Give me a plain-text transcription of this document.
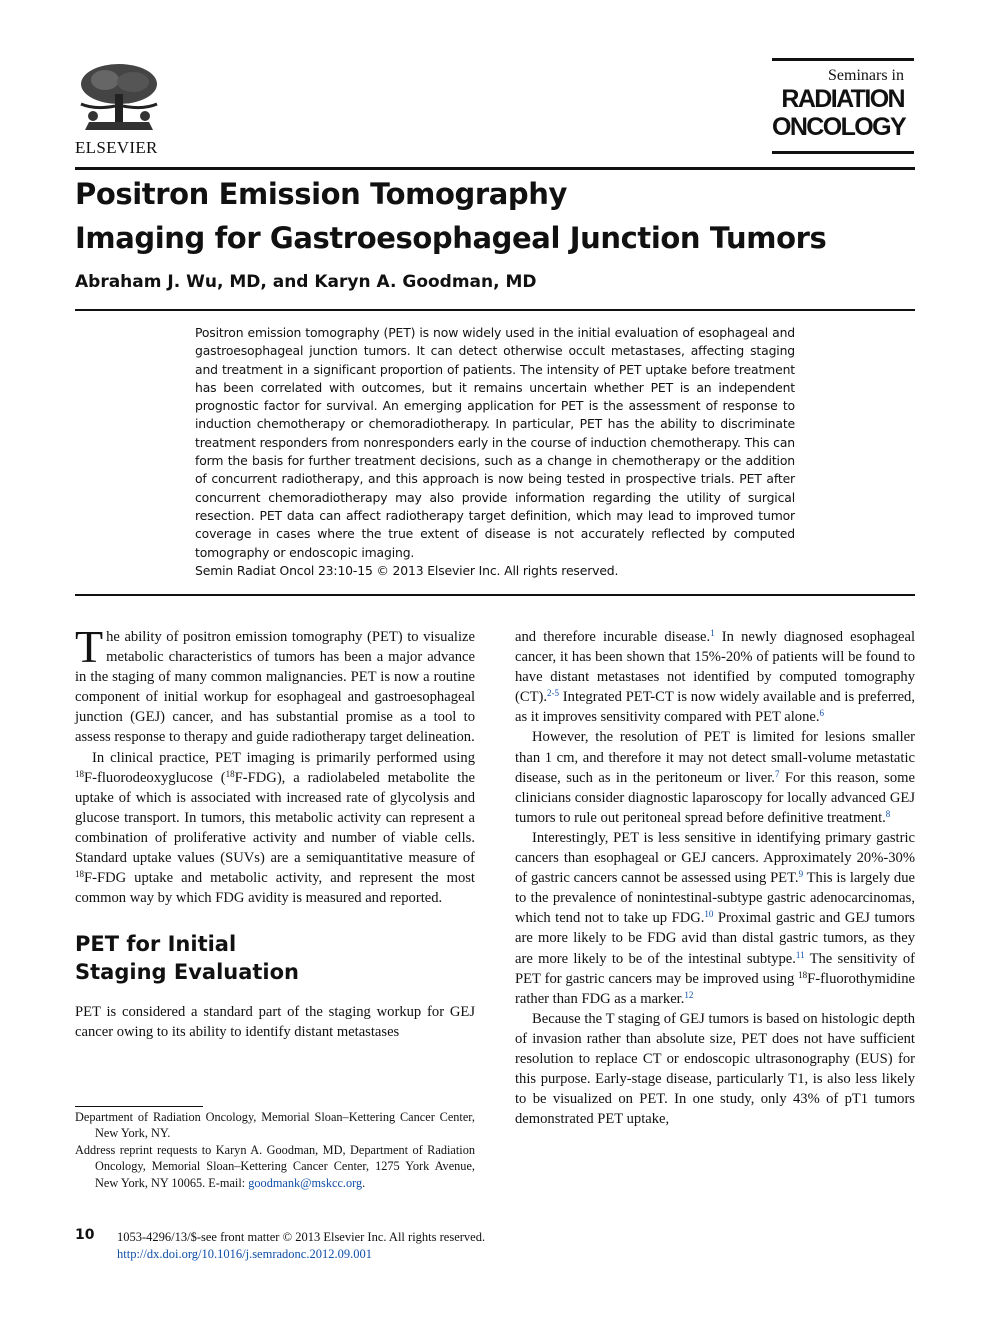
ELSEVIER
Seminars in
RADIATION
ONCOLOGY
Positron Emission Tomography
Imaging for Gastroesophageal Junction Tumors
Abraham J. Wu, MD, and Karyn A. Goodman, MD
Positron emission tomography (PET) is now widely used in the initial evaluation of esophageal and gastroesophageal junction tumors. It can detect otherwise occult metastases, affecting staging and treatment in a significant proportion of patients. The intensity of PET uptake before treatment has been correlated with outcomes, but it remains uncertain whether PET is an independent prognostic factor for survival. An emerging application for PET is the assessment of response to induction chemotherapy or chemoradiotherapy. In particular, PET has the ability to discriminate treatment responders from nonresponders early in the course of induction chemotherapy. This can form the basis for further treatment decisions, such as a change in chemotherapy or the addition of concurrent radiotherapy, and this approach is now being tested in prospective trials. PET after concurrent chemoradiotherapy may also provide information regarding the utility of surgical resection. PET data can affect radiotherapy target definition, which may lead to improved tumor coverage in cases where the true extent of disease is not accurately reflected by computed tomography or endoscopic imaging.
Semin Radiat Oncol 23:10-15 © 2013 Elsevier Inc. All rights reserved.

The ability of positron emission tomography (PET) to visualize metabolic characteristics of tumors has been a major advance in the staging of many common malignancies. PET is now a routine component of initial workup for esophageal and gastroesophageal junction (GEJ) cancer, and has substantial promise as a tool to assess response to therapy and guide radiotherapy target delineation.

In clinical practice, PET imaging is primarily performed using $^{18}$F-fluorodeoxyglucose ($^{18}$F-FDG), a radiolabeled metabolite the uptake of which is associated with increased rate of glycolysis and glucose transport. In tumors, this metabolic activity can represent a combination of proliferative activity and number of viable cells. Standard uptake values (SUVs) are a semiquantitative measure of $^{18}$F-FDG uptake and metabolic activity, and represent the most common way by which FDG avidity is measured and reported.

PET for Initial
Staging Evaluation

PET is considered a standard part of the staging workup for GEJ cancer owing to its ability to identify distant metastases

and therefore incurable disease.$^1$ In newly diagnosed esophageal cancer, it has been shown that 15%-20% of patients will be found to have distant metastases not identified by computed tomography (CT).$^{2-5}$ Integrated PET-CT is now widely available and is preferred, as it improves sensitivity compared with PET alone.$^6$

However, the resolution of PET is limited for lesions smaller than 1 cm, and therefore it may not detect small-volume metastatic disease, such as in the peritoneum or liver.$^7$ For this reason, some clinicians consider diagnostic laparoscopy for locally advanced GEJ tumors to rule out peritoneal spread before definitive treatment.$^8$

Interestingly, PET is less sensitive in identifying primary gastric cancers than esophageal or GEJ cancers. Approximately 20%-30% of gastric cancers cannot be assessed using PET.$^9$ This is largely due to the prevalence of nonintestinal-subtype gastric adenocarcinomas, which tend not to take up FDG.$^{10}$ Proximal gastric and GEJ tumors are more likely to be FDG avid than distal gastric tumors, as they are more likely to be of the intestinal subtype.$^{11}$ The sensitivity of PET for gastric cancers may be improved using $^{18}$F-fluorothymidine rather than FDG as a marker.$^{12}$

Because the T staging of GEJ tumors is based on histologic depth of invasion rather than absolute size, PET does not have sufficient resolution to replace CT or endoscopic ultrasonography (EUS) for this purpose. Early-stage disease, particularly T1, is also less likely to be visualized on PET. In one study, only 43% of pT1 tumors demonstrated PET uptake,

Department of Radiation Oncology, Memorial Sloan–Kettering Cancer Center, New York, NY.

Address reprint requests to Karyn A. Goodman, MD, Department of Radiation Oncology, Memorial Sloan–Kettering Cancer Center, 1275 York Avenue, New York, NY 10065. E-mail: goodmank@mskcc.org.

10 1053-4296/13/$-see front matter © 2013 Elsevier Inc. All rights reserved.
http://dx.doi.org/10.1016/j.semradonc.2012.09.001
